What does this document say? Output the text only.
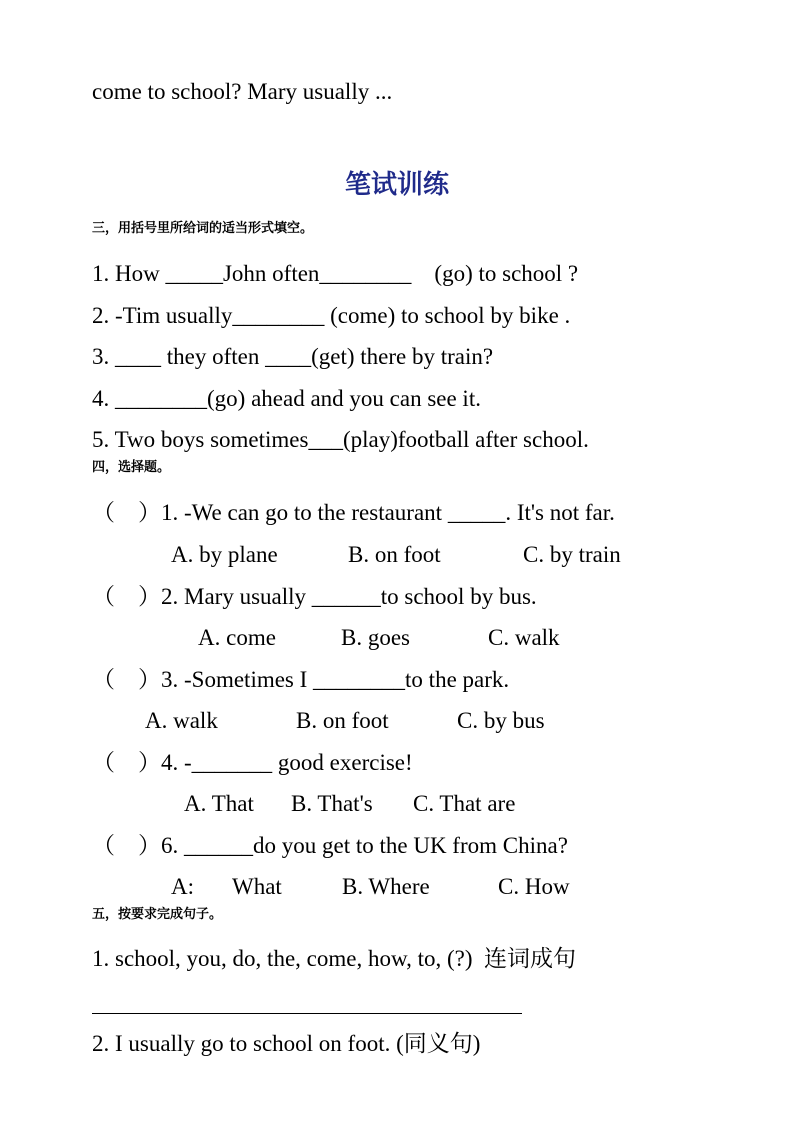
come to school? Mary usually ...
笔试训练
三，用括号里所给词的适当形式填空。
1. How _____John often________    (go) to school ?
2. -Tim usually________ (come) to school by bike .
3. ____ they often ____(get) there by train?
4. ________(go) ahead and you can see it.
5. Two boys sometimes___(play)football after school.
四，选择题。
（    ）1. -We can go to the restaurant _____. It's not far.
A. by plane	B. on foot	C. by train
（    ）2. Mary usually ______to school by bus.
A. come	B. goes	C. walk
（    ）3. -Sometimes I ________to the park.
A. walk	B. on foot	C. by bus
（    ）4. -_______ good exercise!
A. That B. That's C. That are
（    ）6. ______do you get to the UK from China?
A: What	B. Where	C. How
五，按要求完成句子。
1. school, you, do, the, come, how, to, (?)  连词成句
2. I usually go to school on foot. (同义句)
